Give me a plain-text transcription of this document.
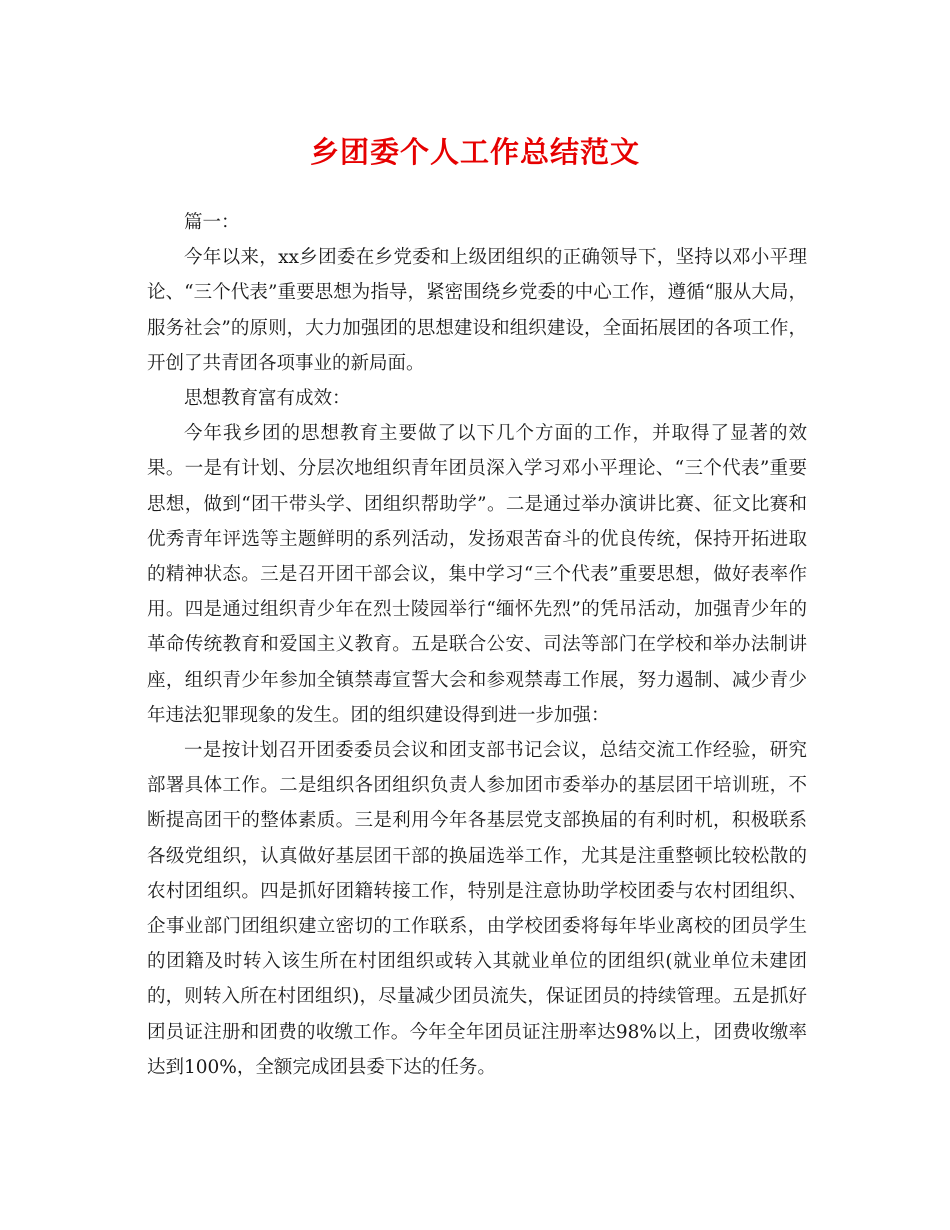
乡团委个人工作总结范文

篇一：

今年以来，xx乡团委在乡党委和上级团组织的正确领导下，坚持以邓小平理论、“三个代表”重要思想为指导，紧密围绕乡党委的中心工作，遵循“服从大局，服务社会”的原则，大力加强团的思想建设和组织建设，全面拓展团的各项工作，开创了共青团各项事业的新局面。

思想教育富有成效：

今年我乡团的思想教育主要做了以下几个方面的工作，并取得了显著的效果。一是有计划、分层次地组织青年团员深入学习邓小平理论、“三个代表”重要思想，做到“团干带头学、团组织帮助学”。二是通过举办演讲比赛、征文比赛和优秀青年评选等主题鲜明的系列活动，发扬艰苦奋斗的优良传统，保持开拓进取的精神状态。三是召开团干部会议，集中学习“三个代表”重要思想，做好表率作用。四是通过组织青少年在烈士陵园举行“缅怀先烈”的凭吊活动，加强青少年的革命传统教育和爱国主义教育。五是联合公安、司法等部门在学校和举办法制讲座，组织青少年参加全镇禁毒宣誓大会和参观禁毒工作展，努力遏制、减少青少年违法犯罪现象的发生。团的组织建设得到进一步加强：

一是按计划召开团委委员会议和团支部书记会议，总结交流工作经验，研究部署具体工作。二是组织各团组织负责人参加团市委举办的基层团干培训班，不断提高团干的整体素质。三是利用今年各基层党支部换届的有利时机，积极联系各级党组织，认真做好基层团干部的换届选举工作，尤其是注重整顿比较松散的农村团组织。四是抓好团籍转接工作，特别是注意协助学校团委与农村团组织、企事业部门团组织建立密切的工作联系，由学校团委将每年毕业离校的团员学生的团籍及时转入该生所在村团组织或转入其就业单位的团组织(就业单位未建团的，则转入所在村团组织)，尽量减少团员流失，保证团员的持续管理。五是抓好团员证注册和团费的收缴工作。今年全年团员证注册率达98%以上，团费收缴率达到100%，全额完成团县委下达的任务。
